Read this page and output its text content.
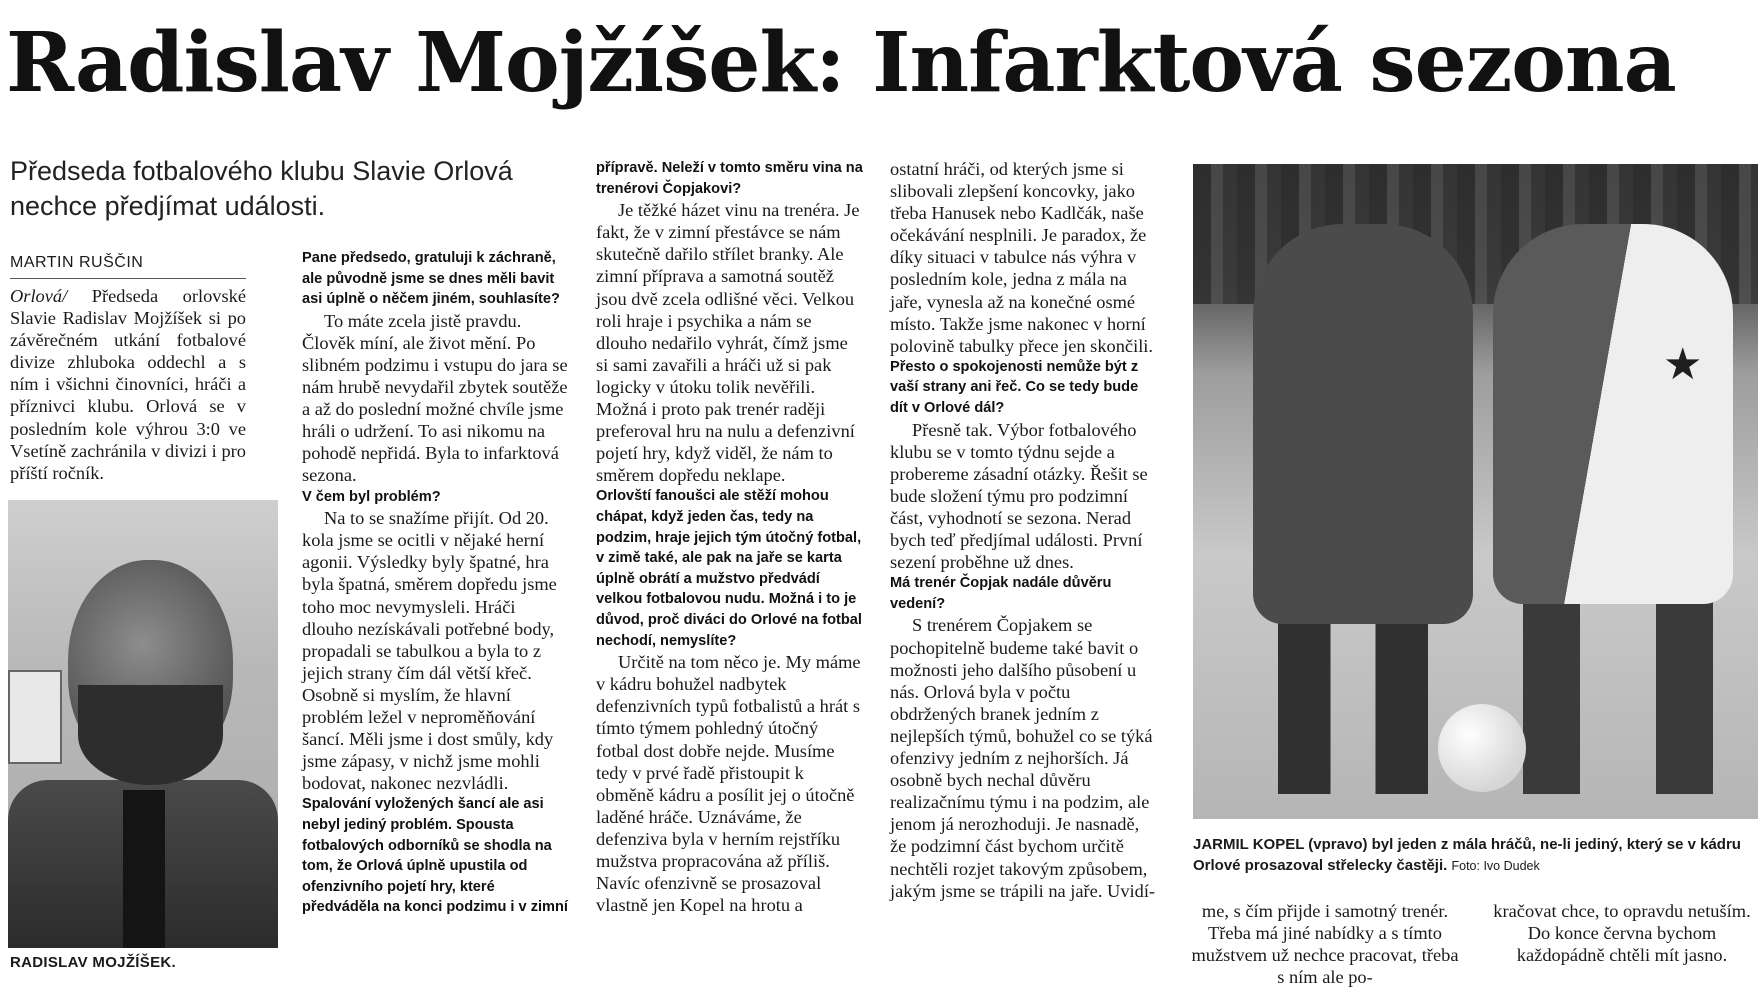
Radislav Mojžíšek: Infarktová sezona
Předseda fotbalového klubu Slavie Orlová nechce předjímat události.
MARTIN RUŠČIN

Orlová/ Předseda orlovské Slavie Radislav Mojžíšek si po závěrečném utkání fotbalové divize zhluboka oddechl a s ním i všichni činovníci, hráči a příznivci klubu. Orlová se v posledním kole výhrou 3:0 ve Vsetíně zachránila v divizi i pro příští ročník.

RADISLAV MOJŽÍŠEK.

Pane předsedo, gratuluji k záchraně, ale původně jsme se dnes měli bavit asi úplně o něčem jiném, souhlasíte?

To máte zcela jistě pravdu. Člověk míní, ale život mění. Po slibném podzimu i vstupu do jara se nám hrubě nevydařil zbytek soutěže a až do poslední možné chvíle jsme hráli o udržení. To asi nikomu na pohodě nepřidá. Byla to infarktová sezona.

V čem byl problém?

Na to se snažíme přijít. Od 20. kola jsme se ocitli v nějaké herní agonii. Výsledky byly špatné, hra byla špatná, směrem dopředu jsme toho moc nevymysleli. Hráči dlouho nezískávali potřebné body, propadali se tabulkou a byla to z jejich strany čím dál větší křeč. Osobně si myslím, že hlavní problém ležel v neproměňování šancí. Měli jsme i dost smůly, kdy jsme zápasy, v nichž jsme mohli bodovat, nakonec nezvládli.

Spalování vyložených šancí ale asi nebyl jediný problém. Spousta fotbalových odborníků se shodla na tom, že Orlová úplně upustila od ofenzivního pojetí hry, které předváděla na konci podzimu i v zimní

přípravě. Neleží v tomto směru vina na trenérovi Čopjakovi?

Je těžké házet vinu na trenéra. Je fakt, že v zimní přestávce se nám skutečně dařilo střílet branky. Ale zimní příprava a samotná soutěž jsou dvě zcela odlišné věci. Velkou roli hraje i psychika a nám se dlouho nedařilo vyhrát, čímž jsme si sami zavařili a hráči už si pak logicky v útoku tolik nevěřili. Možná i proto pak trenér raději preferoval hru na nulu a defenzivní pojetí hry, když viděl, že nám to směrem dopředu neklape.

Orlovští fanoušci ale stěží mohou chápat, když jeden čas, tedy na podzim, hraje jejich tým útočný fotbal, v zimě také, ale pak na jaře se karta úplně obrátí a mužstvo předvádí velkou fotbalovou nudu. Možná i to je důvod, proč diváci do Orlové na fotbal nechodí, nemyslíte?

Určitě na tom něco je. My máme v kádru bohužel nadbytek defenzivních typů fotbalistů a hrát s tímto týmem pohledný útočný fotbal dost dobře nejde. Musíme tedy v prvé řadě přistoupit k obměně kádru a posílit jej o útočně laděné hráče. Uznáváme, že defenziva byla v herním rejstříku mužstva propracována až příliš. Navíc ofenzivně se prosazoval vlastně jen Kopel na hrotu a

ostatní hráči, od kterých jsme si slibovali zlepšení koncovky, jako třeba Hanusek nebo Kadlčák, naše očekávání nesplnili. Je paradox, že díky situaci v tabulce nás výhra v posledním kole, jedna z mála na jaře, vynesla až na konečné osmé místo. Takže jsme nakonec v horní polovině tabulky přece jen skončili.

Přesto o spokojenosti nemůže být z vaší strany ani řeč. Co se tedy bude dít v Orlové dál?

Přesně tak. Výbor fotbalového klubu se v tomto týdnu sejde a probereme zásadní otázky. Řešit se bude složení týmu pro podzimní část, vyhodnotí se sezona. Nerad bych teď předjímal události. První sezení proběhne už dnes.

Má trenér Čopjak nadále důvěru vedení?

S trenérem Čopjakem se pochopitelně budeme také bavit o možnosti jeho dalšího působení u nás. Orlová byla v počtu obdržených branek jedním z nejlepších týmů, bohužel co se týká ofenzivy jedním z nejhorších. Já osobně bych nechal důvěru realizačnímu týmu i na podzim, ale jenom já nerozhoduji. Je nasnadě, že podzimní část bychom určitě nechtěli rozjet takovým způsobem, jakým jsme se trápili na jaře. Uvidí-

★
JARMIL KOPEL (vpravo) byl jeden z mála hráčů, ne-li jediný, který se v kádru Orlové prosazoval střelecky častěji. Foto: Ivo Dudek

me, s čím přijde i samotný trenér. Třeba má jiné nabídky a s tímto mužstvem už nechce pracovat, třeba s ním ale po-

kračovat chce, to opravdu netuším. Do konce června bychom každopádně chtěli mít jasno.
